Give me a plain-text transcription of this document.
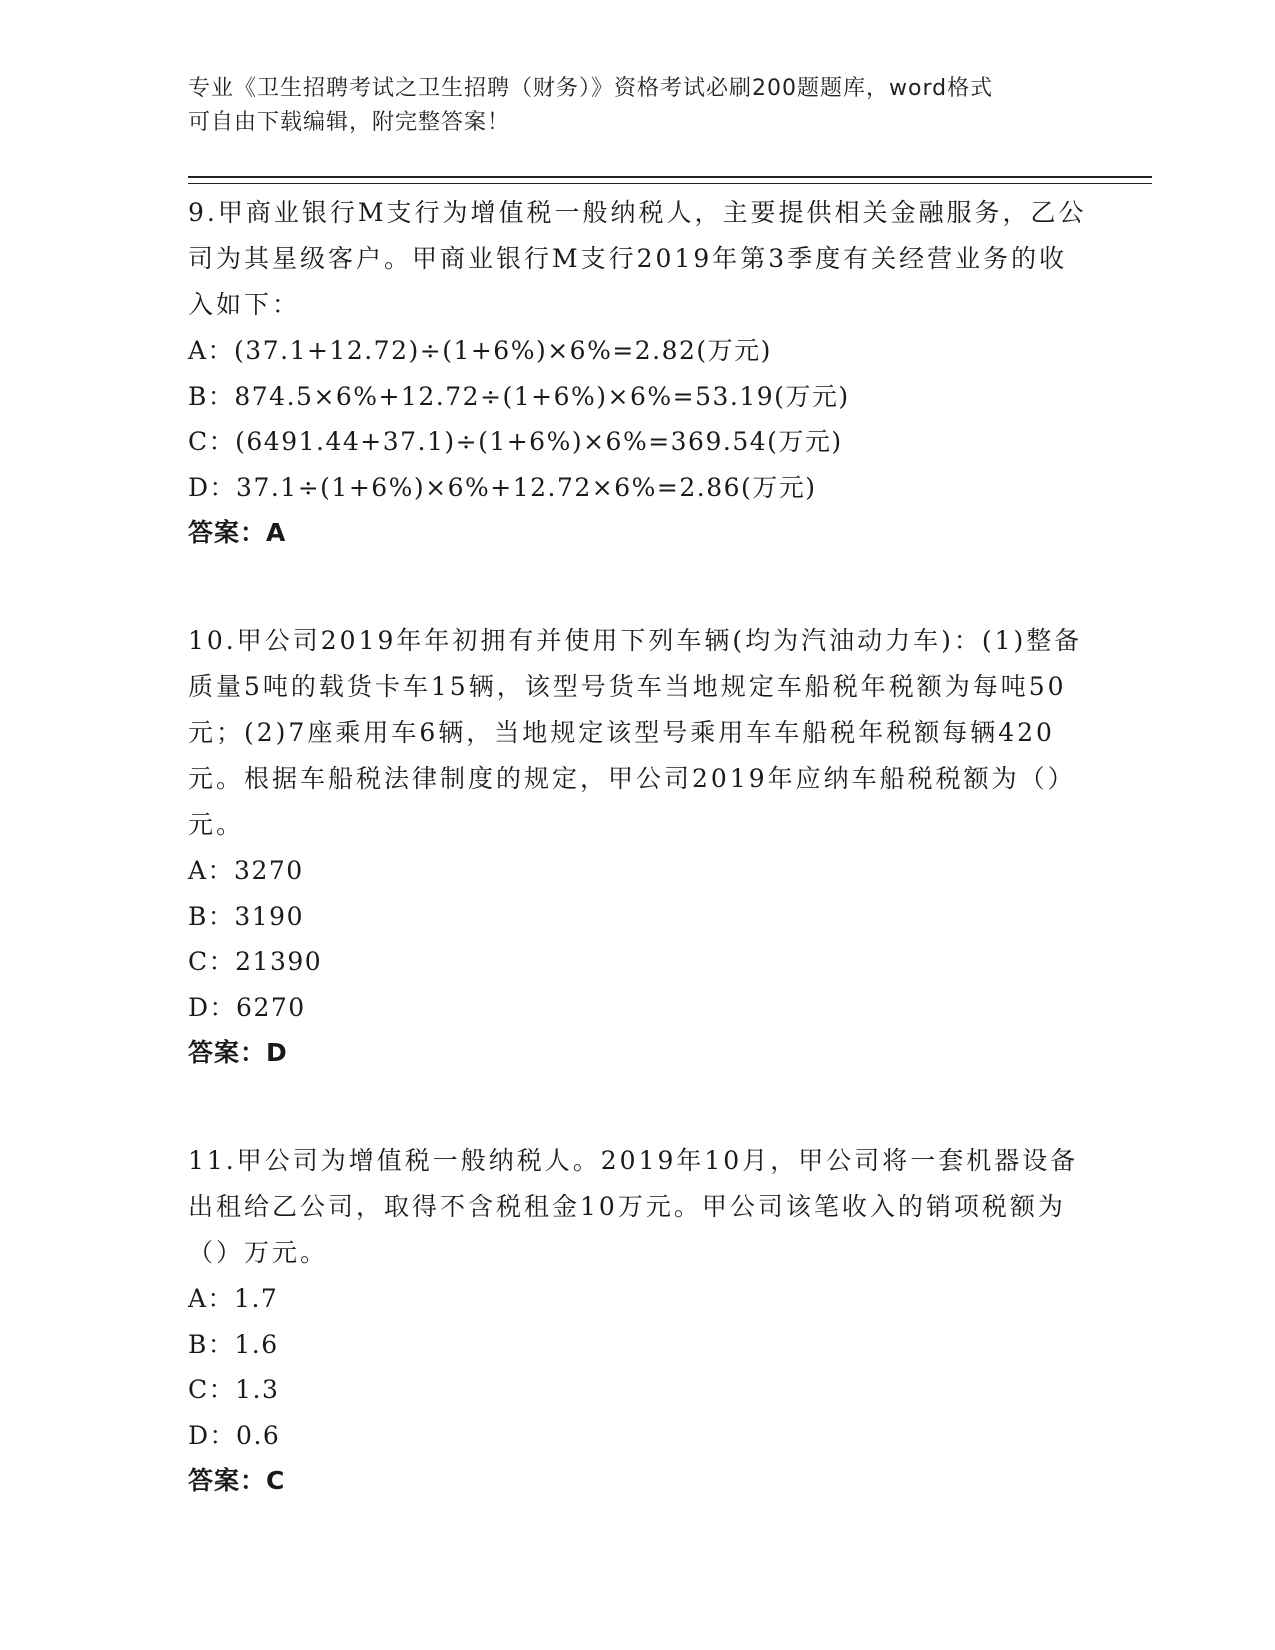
专业《卫生招聘考试之卫生招聘（财务）》资格考试必刷200题题库，word格式
可自由下载编辑，附完整答案！

9.甲商业银行M支行为增值税一般纳税人，主要提供相关金融服务，乙公司为其星级客户。甲商业银行M支行2019年第3季度有关经营业务的收入如下：

A：(37.1+12.72)÷(1+6%)×6%=2.82(万元)

B：874.5×6%+12.72÷(1+6%)×6%=53.19(万元)

C：(6491.44+37.1)÷(1+6%)×6%=369.54(万元)

D：37.1÷(1+6%)×6%+12.72×6%=2.86(万元)

答案：A

10.甲公司2019年年初拥有并使用下列车辆(均为汽油动力车)：(1)整备质量5吨的载货卡车15辆，该型号货车当地规定车船税年税额为每吨50元；(2)7座乘用车6辆，当地规定该型号乘用车车船税年税额每辆420元。根据车船税法律制度的规定，甲公司2019年应纳车船税税额为（）元。

A：3270

B：3190

C：21390

D：6270

答案：D

11.甲公司为增值税一般纳税人。2019年10月，甲公司将一套机器设备出租给乙公司，取得不含税租金10万元。甲公司该笔收入的销项税额为（）万元。

A：1.7

B：1.6

C：1.3

D：0.6

答案：C
